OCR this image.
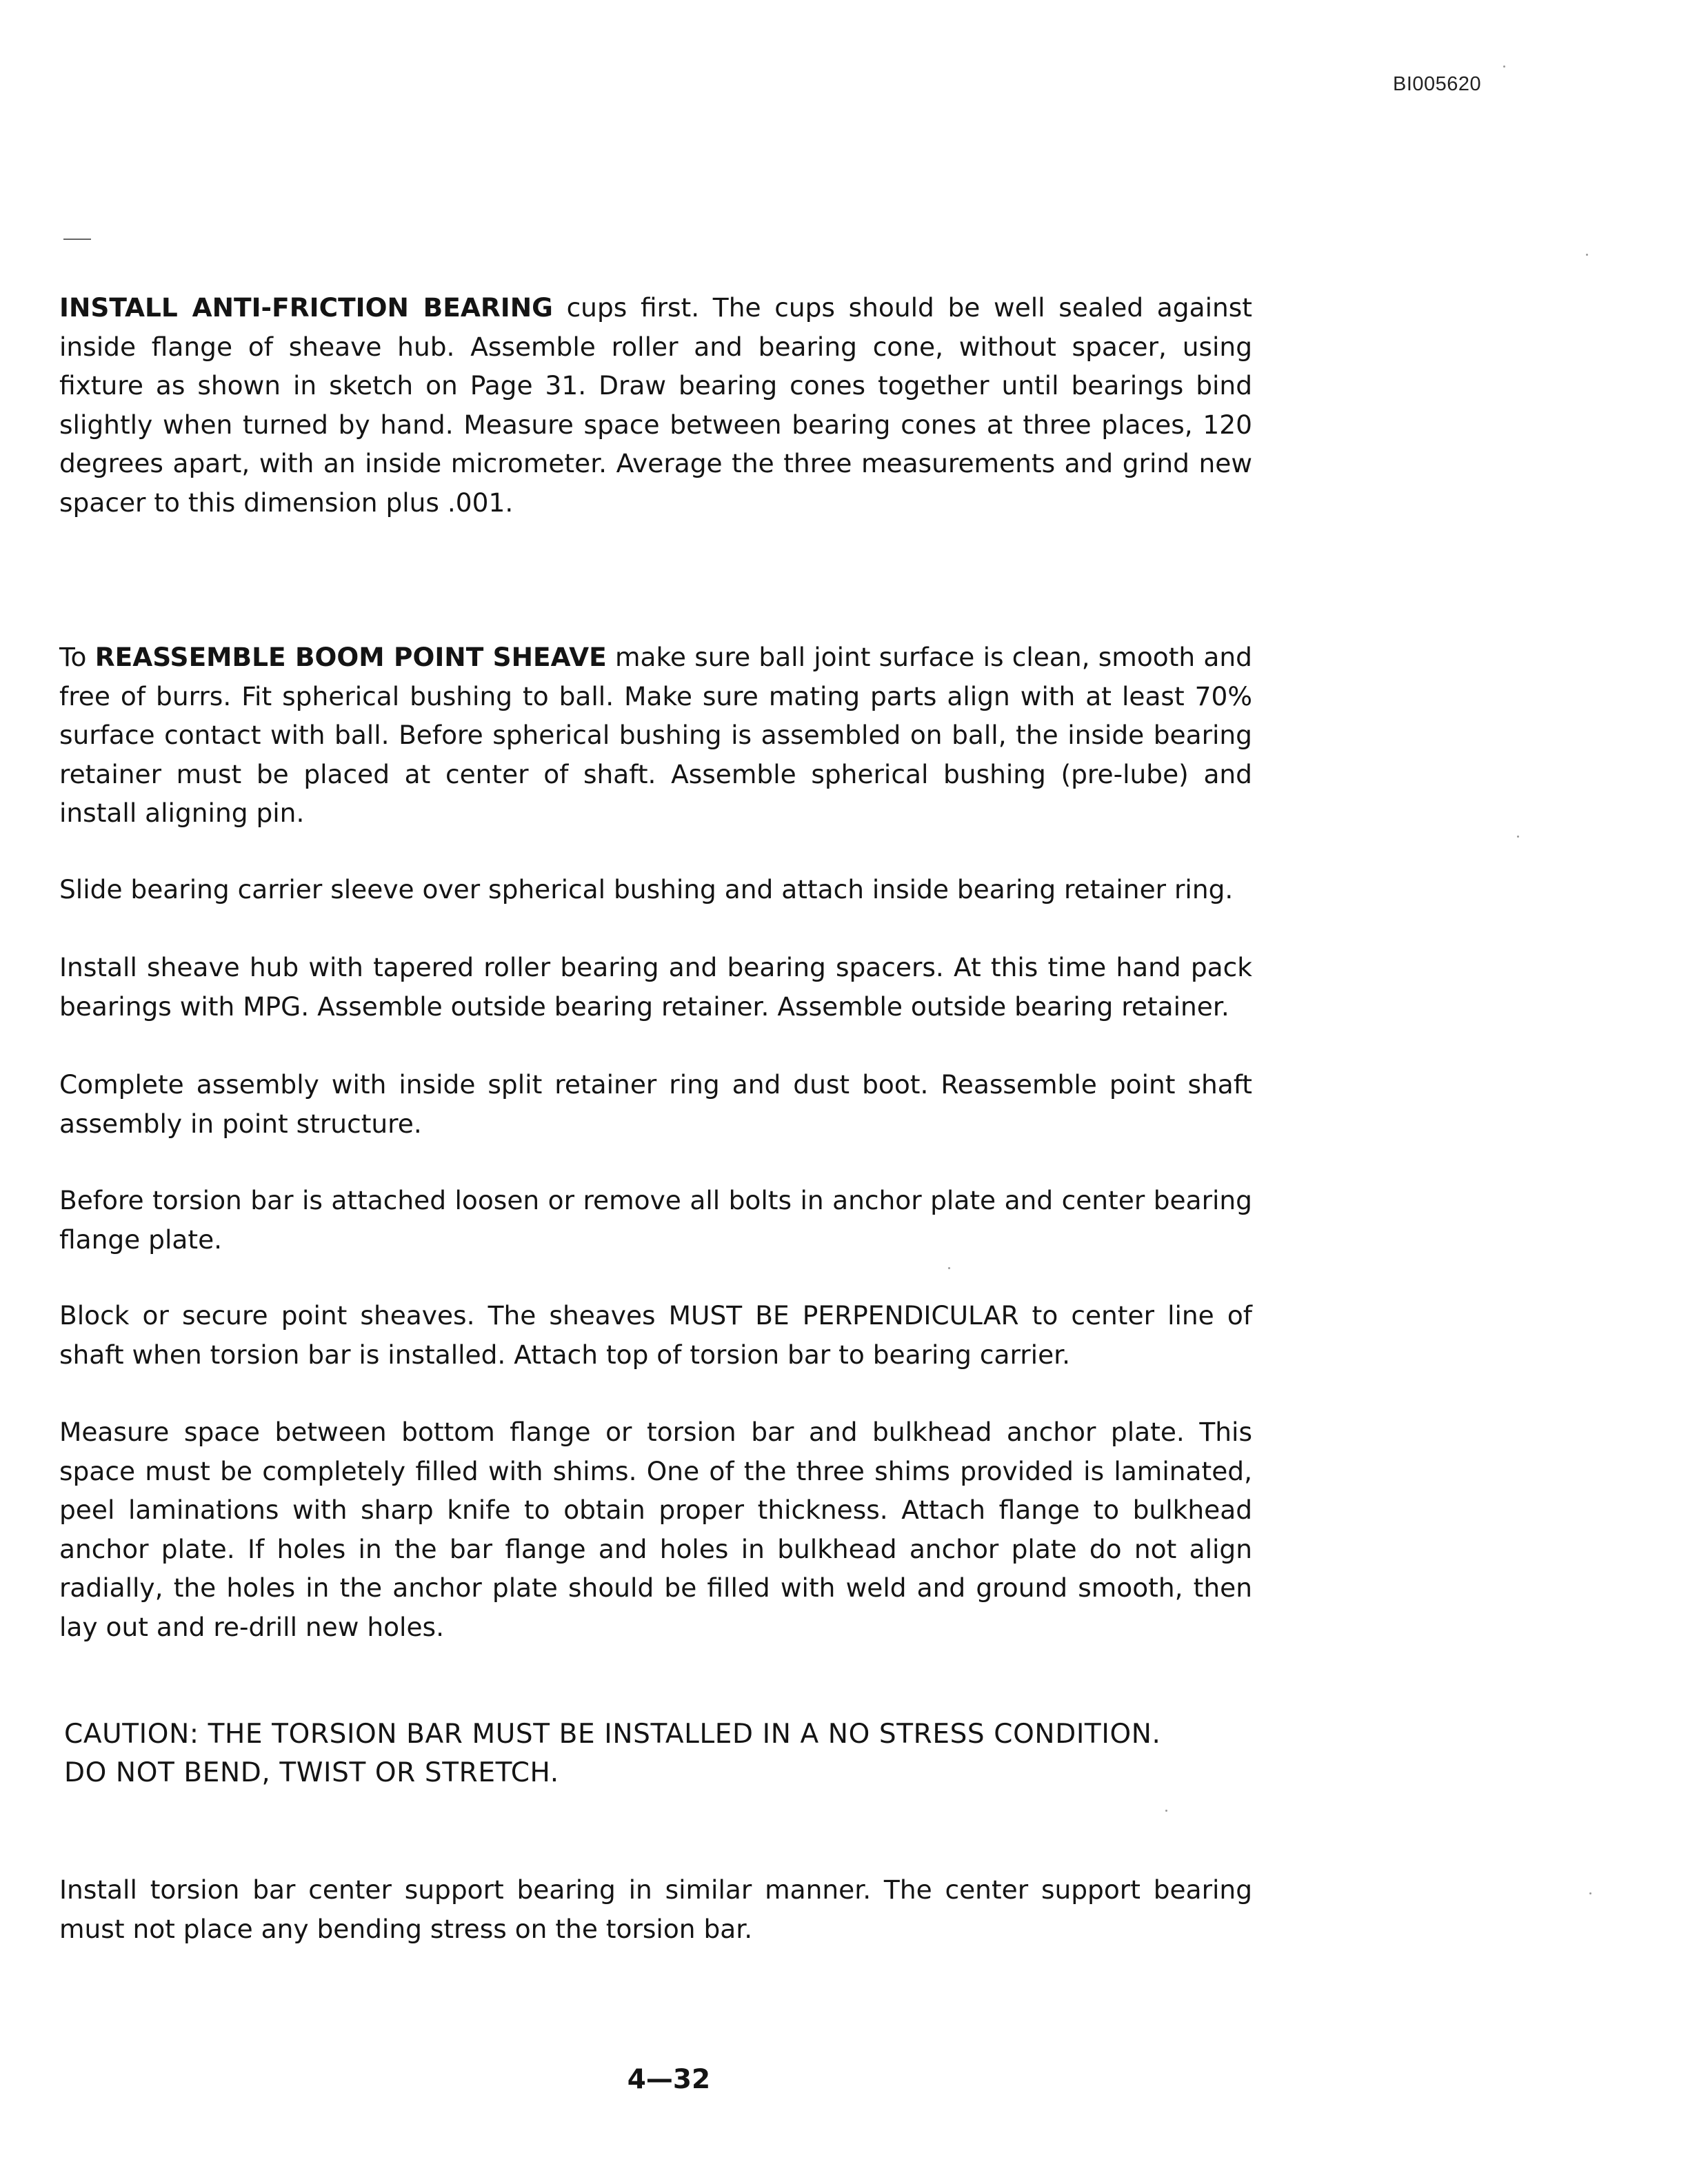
BI005620
INSTALL ANTI-FRICTION BEARING cups first. The cups should be well sealed against inside flange of sheave hub. Assemble roller and bearing cone, without spacer, using fixture as shown in sketch on Page 31. Draw bearing cones together until bearings bind slightly when turned by hand. Measure space between bearing cones at three places, 120 degrees apart, with an inside micrometer. Average the three measurements and grind new spacer to this dimension plus .001.
To REASSEMBLE BOOM POINT SHEAVE make sure ball joint surface is clean, smooth and free of burrs. Fit spherical bushing to ball. Make sure mating parts align with at least 70% surface contact with ball. Before spherical bushing is assembled on ball, the inside bearing retainer must be placed at center of shaft. Assemble spherical bushing (pre-lube) and install aligning pin.
Slide bearing carrier sleeve over spherical bushing and attach inside bearing retainer ring.
Install sheave hub with tapered roller bearing and bearing spacers. At this time hand pack bearings with MPG. Assemble outside bearing retainer. Assemble outside bearing retainer.
Complete assembly with inside split retainer ring and dust boot. Reassemble point shaft assembly in point structure.
Before torsion bar is attached loosen or remove all bolts in anchor plate and center bearing flange plate.
Block or secure point sheaves. The sheaves MUST BE PERPENDICULAR to center line of shaft when torsion bar is installed. Attach top of torsion bar to bearing carrier.
Measure space between bottom flange or torsion bar and bulkhead anchor plate. This space must be completely filled with shims. One of the three shims provided is laminated, peel laminations with sharp knife to obtain proper thickness. Attach flange to bulkhead anchor plate. If holes in the bar flange and holes in bulkhead anchor plate do not align radially, the holes in the anchor plate should be filled with weld and ground smooth, then lay out and re-drill new holes.
CAUTION: THE TORSION BAR MUST BE INSTALLED IN A NO STRESS CONDITION.
DO NOT BEND, TWIST OR STRETCH.
Install torsion bar center support bearing in similar manner. The center support bearing must not place any bending stress on the torsion bar.
4—32
